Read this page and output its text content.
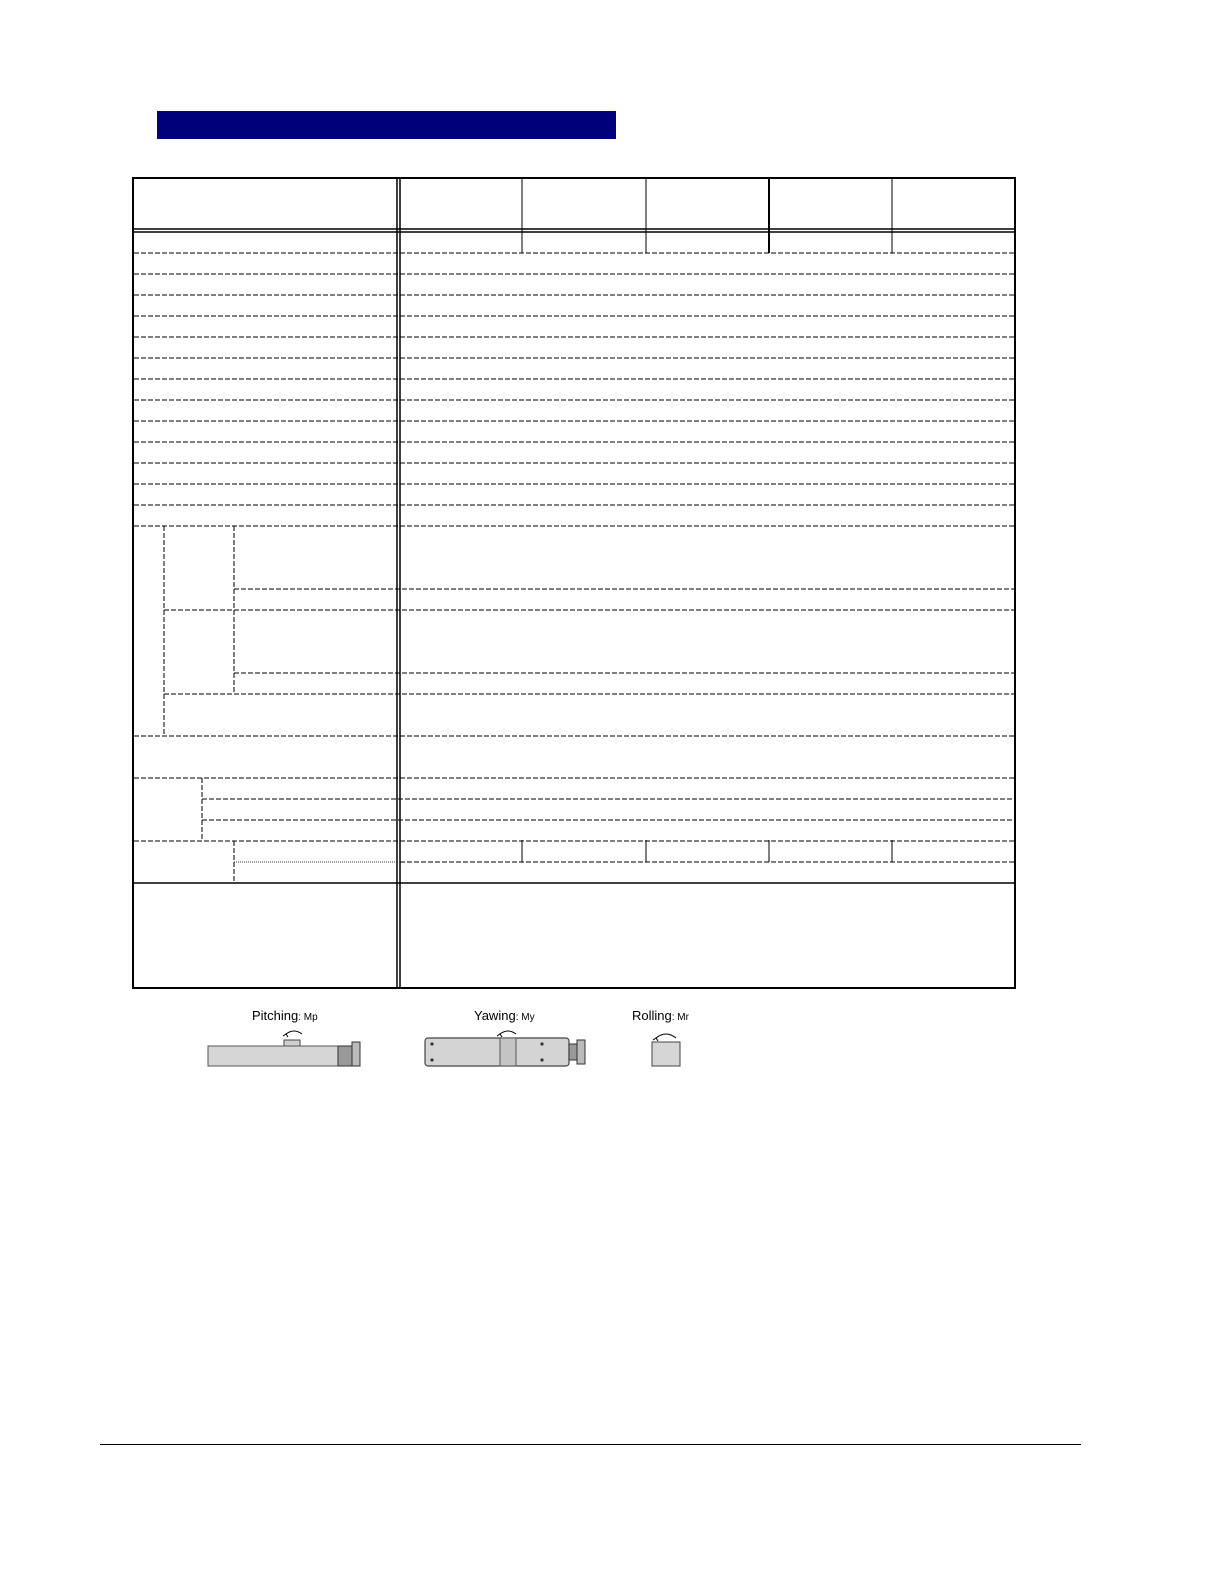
Pitching: Mp	Yawing: My	Rolling: Mr
